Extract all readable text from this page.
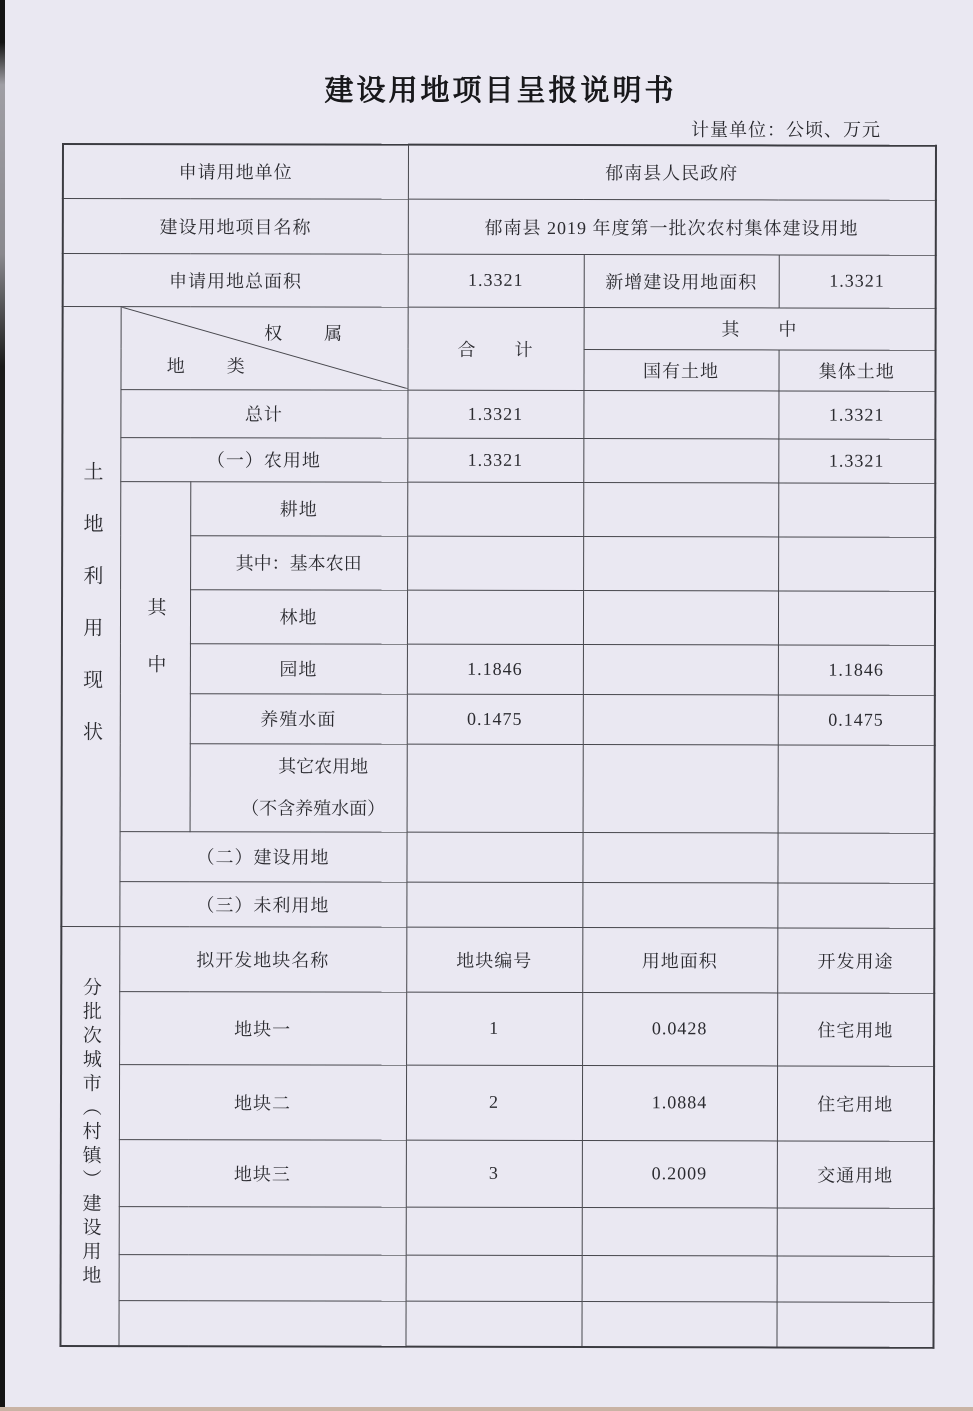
建设用地项目呈报说明书
计量单位：公顷、万元
申请用地单位			郁南县人民政府		
建设用地项目名称			郁南县 2019 年度第一批次农村集体建设用地		
申请用地总面积			1.3321	新增建设用地面积	1.3321
土地利用现状	权　属
地　类		合　　计	其　　中	
				国有土地	集体土地
	总计		1.3321		1.3321
	（一）农用地		1.3321		1.3321
	其中	耕地			
		其中：基本农田			
		林地			
		园地	1.1846		1.1846
		养殖水面	0.1475		0.1475

		其它农用地
（不含养殖水面）			

	（二）建设用地				
	（三）未利用地				
分批次城市（村镇）建设用地	拟开发地块名称		地块编号	用地面积	开发用途
	地块一		1	0.0428	住宅用地
	地块二		2	1.0884	住宅用地
	地块三		3	0.2009	交通用地
